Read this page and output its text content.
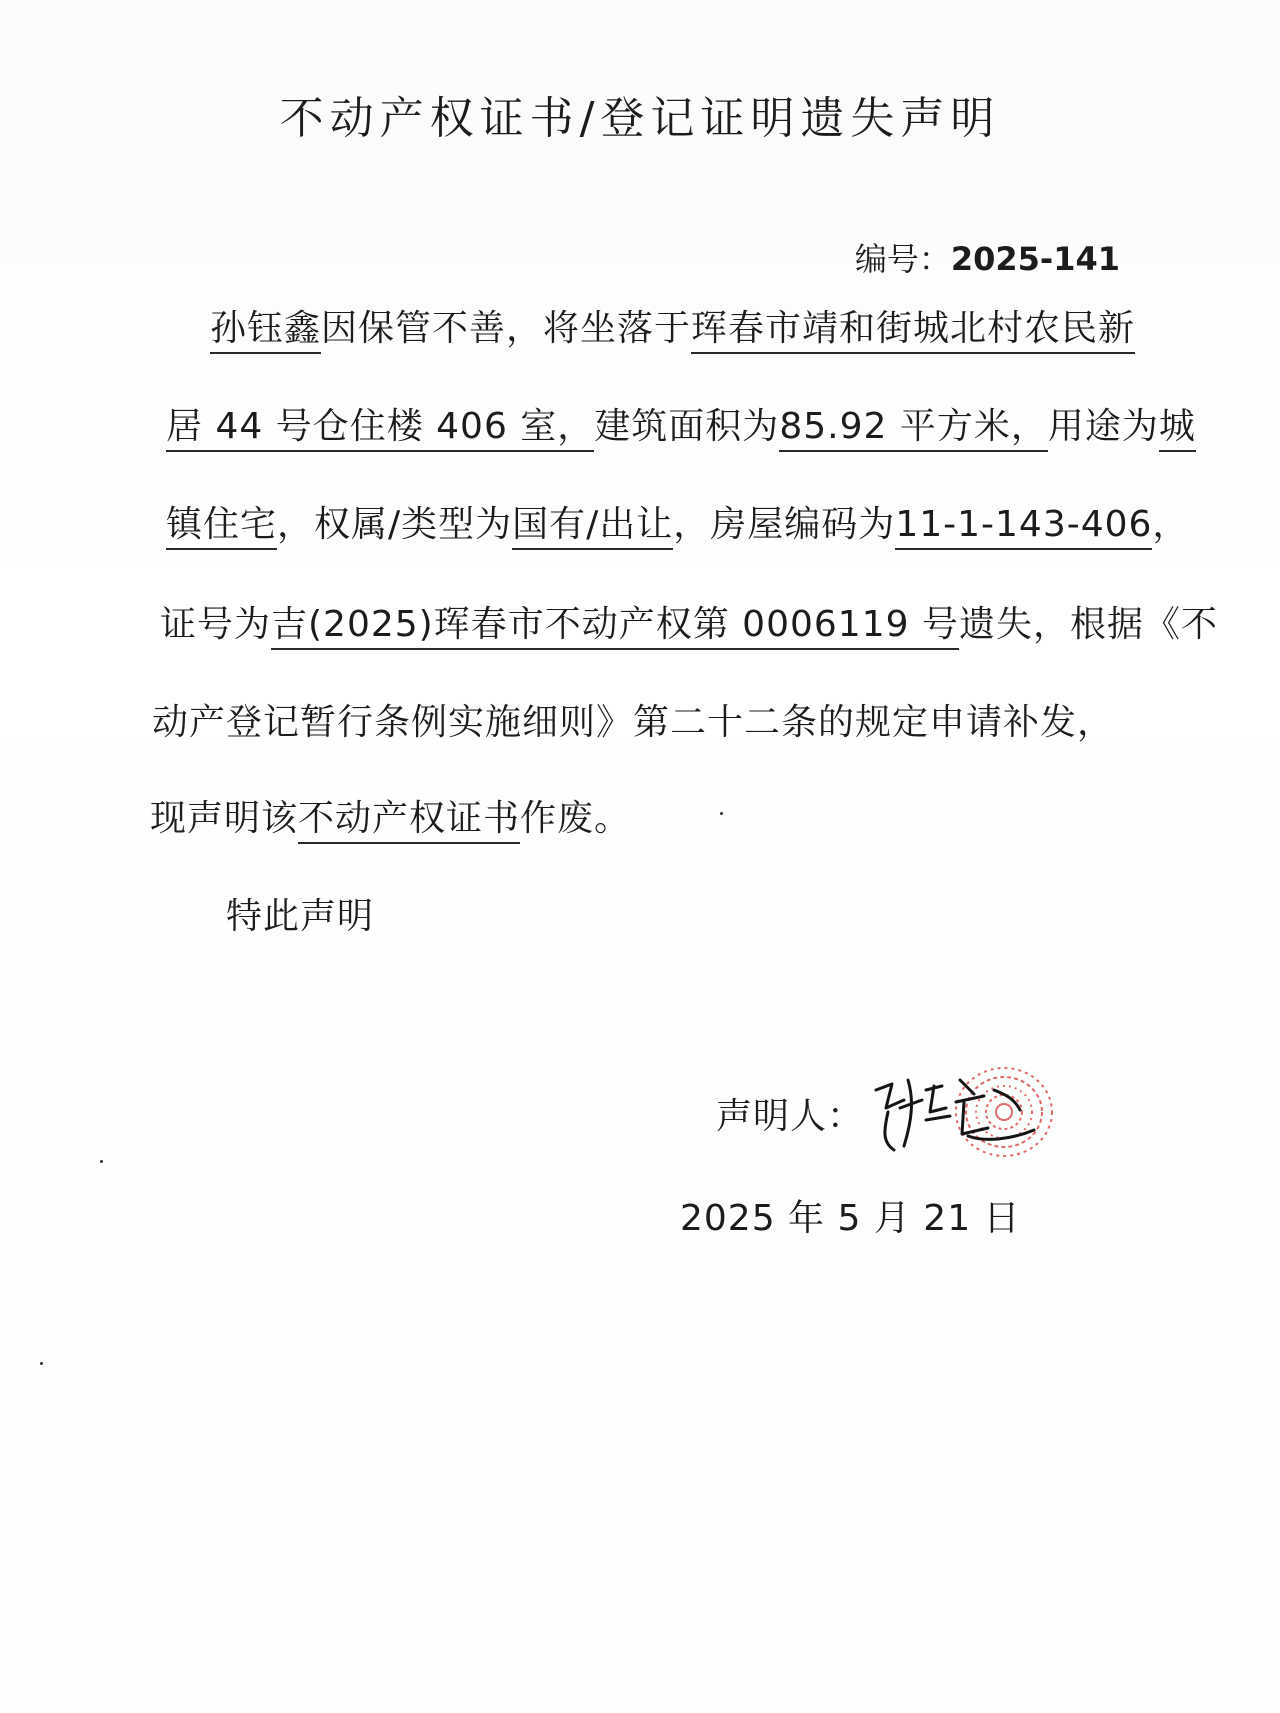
不动产权证书/登记证明遗失声明
编号：2025-141
孙钰鑫因保管不善，将坐落于珲春市靖和街城北村农民新
居 44 号仓住楼 406 室，建筑面积为85.92 平方米，用途为城
镇住宅，权属/类型为国有/出让，房屋编码为11-1-143-406，
证号为吉(2025)珲春市不动产权第 0006119 号遗失，根据《不
动产登记暂行条例实施细则》第二十二条的规定申请补发，
现声明该不动产权证书作废。
特此声明
声明人：
2025 年 5 月 21 日
